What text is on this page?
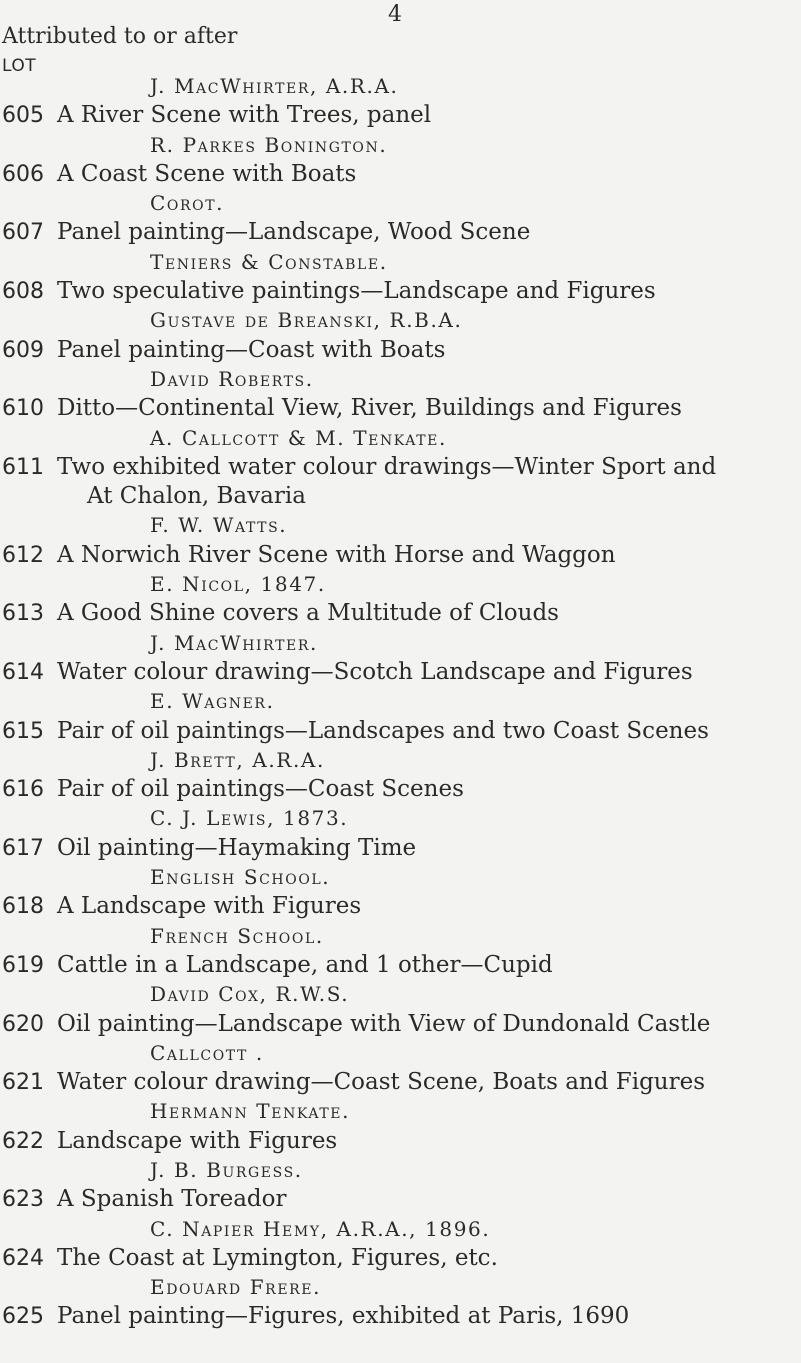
4
Attributed to or after
LOT
J. MacWhirter, A.R.A.
605 A River Scene with Trees, panel
R. Parkes Bonington.
606 A Coast Scene with Boats
Corot.
607 Panel painting—Landscape, Wood Scene
Teniers & Constable.
608 Two speculative paintings—Landscape and Figures
Gustave de Breanski, R.B.A.
609 Panel painting—Coast with Boats
David Roberts.
610 Ditto—Continental View, River, Buildings and Figures
A. Callcott & M. Tenkate.
611 Two exhibited water colour drawings—Winter Sport and
At Chalon, Bavaria
F. W. Watts.
612 A Norwich River Scene with Horse and Waggon
E. Nicol, 1847.
613 A Good Shine covers a Multitude of Clouds
J. MacWhirter.
614 Water colour drawing—Scotch Landscape and Figures
E. Wagner.
615 Pair of oil paintings—Landscapes and two Coast Scenes
J. Brett, A.R.A.
616 Pair of oil paintings—Coast Scenes
C. J. Lewis, 1873.
617 Oil painting—Haymaking Time
English School.
618 A Landscape with Figures
French School.
619 Cattle in a Landscape, and 1 other—Cupid
David Cox, R.W.S.
620 Oil painting—Landscape with View of Dundonald Castle
Callcott .
621 Water colour drawing—Coast Scene, Boats and Figures
Hermann Tenkate.
622 Landscape with Figures
J. B. Burgess.
623 A Spanish Toreador
C. Napier Hemy, A.R.A., 1896.
624 The Coast at Lymington, Figures, etc.
Edouard Frere.
625 Panel painting—Figures, exhibited at Paris, 1690
